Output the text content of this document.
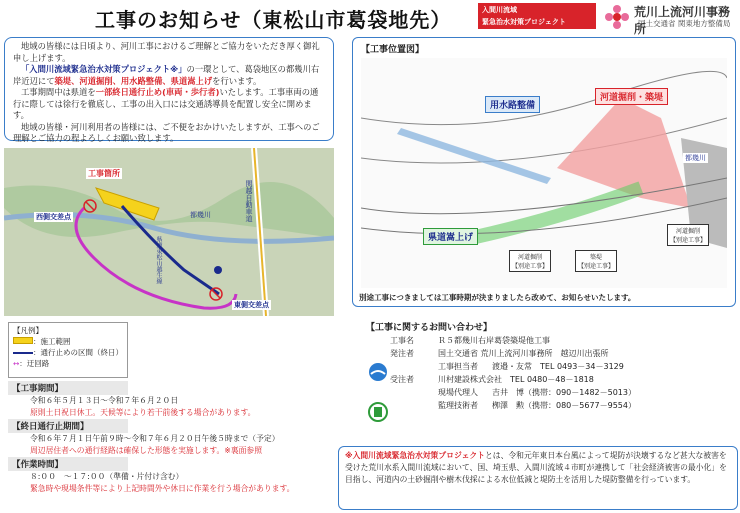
工事のお知らせ（東松山市葛袋地先）	入間川流域
緊急治水対策プロジェクト
荒川上流河川事務所
国土交通省 関東地方整備局
地域の皆様には日頃より、河川工事におけるご理解とご協力をいただき厚く御礼申し上げます。
「入間川流域緊急治水対策プロジェクト※」の一環として、葛袋地区の都幾川右岸近辺にて築堤、河道掘削、用水路整備、県道嵩上げを行います。
工事期間中は県道を一部終日通行止め(車両・歩行者)いたします。工事車両の通行に際しては徐行を徹底し、工事の出入口には交通誘導員を配置し安全に開めます。
地域の皆様・河川利用者の皆様には、ご不便をおかけいたしますが、工事へのご理解とご協力の程よろしくお願い致します。
工事箇所
西側交差点
東側交差点
都幾川	関越自動車道
県道東松山越生線
【凡例】
：施工範囲
：通行止めの区間（終日）
↔：迂回路
【工事期間】
令和６年５月１３日～令和７年６月２０日
原則土日祝日休工。天候等により若干前後する場合があります。
【終日通行止期間】
令和６年７月１日午前９時～令和７年６月２０日午後５時まで（予定）
周辺居住者への通行経路は確保した形態を実施します。※裏面参照
【作業時間】
８:００　～１７:００（準備・片付け含む）
緊急時や現場条件等により上記時間外や休日に作業を行う場合があります。
【工事位置図】
用水路整備
河道掘削・築堤
県道嵩上げ
都幾川
河道掘削
【別途工事】
築堤
【別途工事】
河道掘削
【別途工事】
別途工事につきましては工事時期が決まりましたら改めて、お知らせいたします。
【工事に関するお問い合わせ】
工事名	Ｒ５都幾川右岸葛袋築堤他工事
発注者	国土交通省 荒川上流河川事務所　越辺川出張所
工事担当者 渡邉・友常　TEL 0493－34－3129
受注者	川村建設株式会社　TEL 0480－48－1818
現場代理人 吉井　博（携帯：090－1482－5013）
監理技術者 栁澤　勲（携帯：080－5677－9554）
※入間川流域緊急治水対策プロジェクトとは、令和元年東日本台風によって堤防が決壊するなど甚大な被害を受けた荒川水系入間川流域において、国、埼玉県、入間川流域４市町が連携して「社会経済被害の最小化」を目指し、河道内の土砂掘削や樹木伐採による水位低減と堤防土を活用した堤防整備を行っています。
